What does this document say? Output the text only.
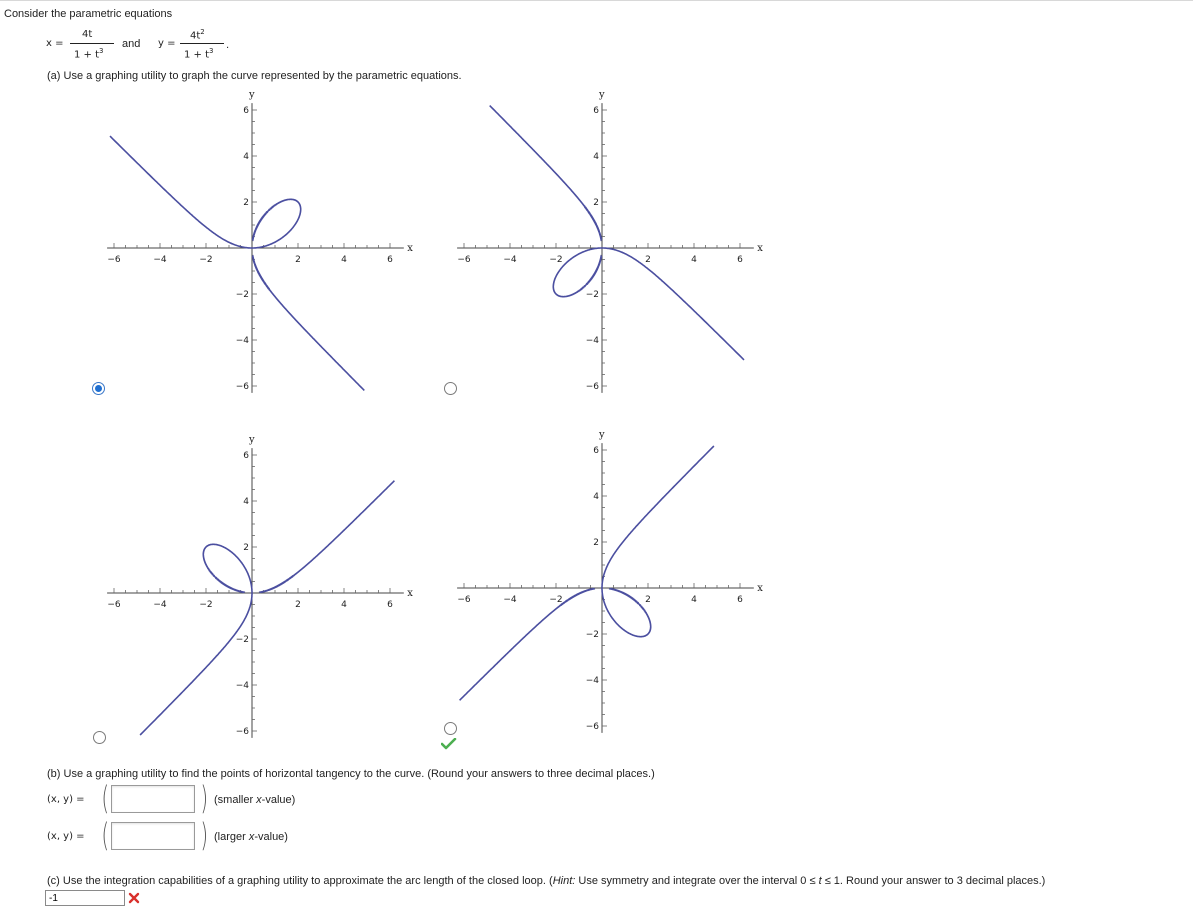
Consider the parametric equations
x =
4t
$1 + t^3$
and y =
$4t^2$
$1 + t^3$ .
(a) Use a graphing utility to graph the curve represented by the parametric equations.
−6	−4	−2	2	4	6
6
4
2
−2
−4
−6
x
y
−6	−4	−2	2	4	6
6
4
2
−2
−4
−6
x
y
−6	−4	−2	2	4	6
6
4
2
−2
−4
−6
x
y
−6	−4	−2	2	4	6
6
4
2
−2
−4
−6
x
y
(b) Use a graphing utility to find the points of horizontal tangency to the curve. (Round your answers to three decimal places.)
(x, y) = (	) (smaller x-value)
(x, y) = (	) (larger x-value)
(c) Use the integration capabilities of a graphing utility to approximate the arc length of the closed loop. (Hint: Use symmetry and integrate over the interval 0 ≤ t ≤ 1. Round your answer to 3 decimal places.)
-1
